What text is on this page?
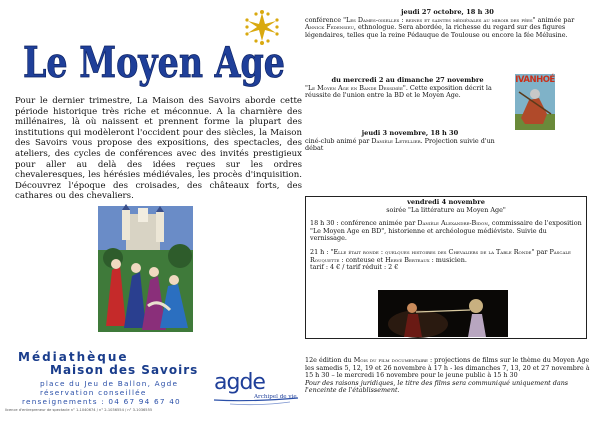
Le Moyen Age

Pour le dernier trimestre, La Maison des Savoirs aborde cette période historique très riche et méconnue. A la charnière des millénaires, là où naissent et prennent forme la plupart des institutions qui modèleront l'occident pour des siècles, la Maison des Savoirs vous propose des expositions, des spectacles, des ateliers, des cycles de conférences avec des invités prestigieux pour aller au delà des idées reçues sur les ordres chevaleresques, les hérésies médiévales, les procès d'inquisition. Découvrez l'époque des croisades, des châteaux forts, des cathares ou des chevaliers.

Médiathèque
Maison des Savoirs
place du Jeu de Ballon, Agde
réservation conseillée
renseignements : 04 67 94 67 40
licence d'entrepreneur de spectacle n° 1-1040674 / n° 2-1036554 / n° 3-1036555
agde
Archipel de vie
jeudi 27 octobre, 18 h 30
conférence "Les Dames-oiselles : reines et saintes médiévales au miroir des fées" animée par Annick Fedensieu, ethnologue. Sera abordée, la richesse du regard sur des figures légendaires, telles que la reine Pédauque de Toulouse ou encore la fée Mélusine.
du mercredi 2 au dimanche 27 novembre
"Le Moyen Age en Bande Dessinée". Cette exposition décrit la réussite de l'union entre la BD et le Moyen Age.
IVANHOÉ
jeudi 3 novembre, 18 h 30
ciné-club animé par Danièle Letellier. Projection suivie d'un débat
vendredi 4 novembre
soirée "La littérature au Moyen Age"
18 h 30 : conférence animée par Danièle Alexandre-Bidon, commissaire de l'exposition "Le Moyen Age en BD", historienne et archéologue médiéviste. Suivie du vernissage.
21 h : "Elle était ronde : quelques histoires des Chevaliers de la Table Ronde" par Pascale Rouquette : conteuse et Hervé Berteaux : musicien.
tarif : 4 € / tarif réduit : 2 €
12e édition du Mois du film documentaire : projections de films sur le thème du Moyen Age
les samedis 5, 12, 19 et 26 novembre à 17 h - les dimanches 7, 13, 20 et 27 novembre à 15 h 30 – le mercredi 16 novembre pour le jeune public à 15 h 30
Pour des raisons juridiques, le titre des films sera communiqué uniquement dans l'enceinte de l'établissement.
